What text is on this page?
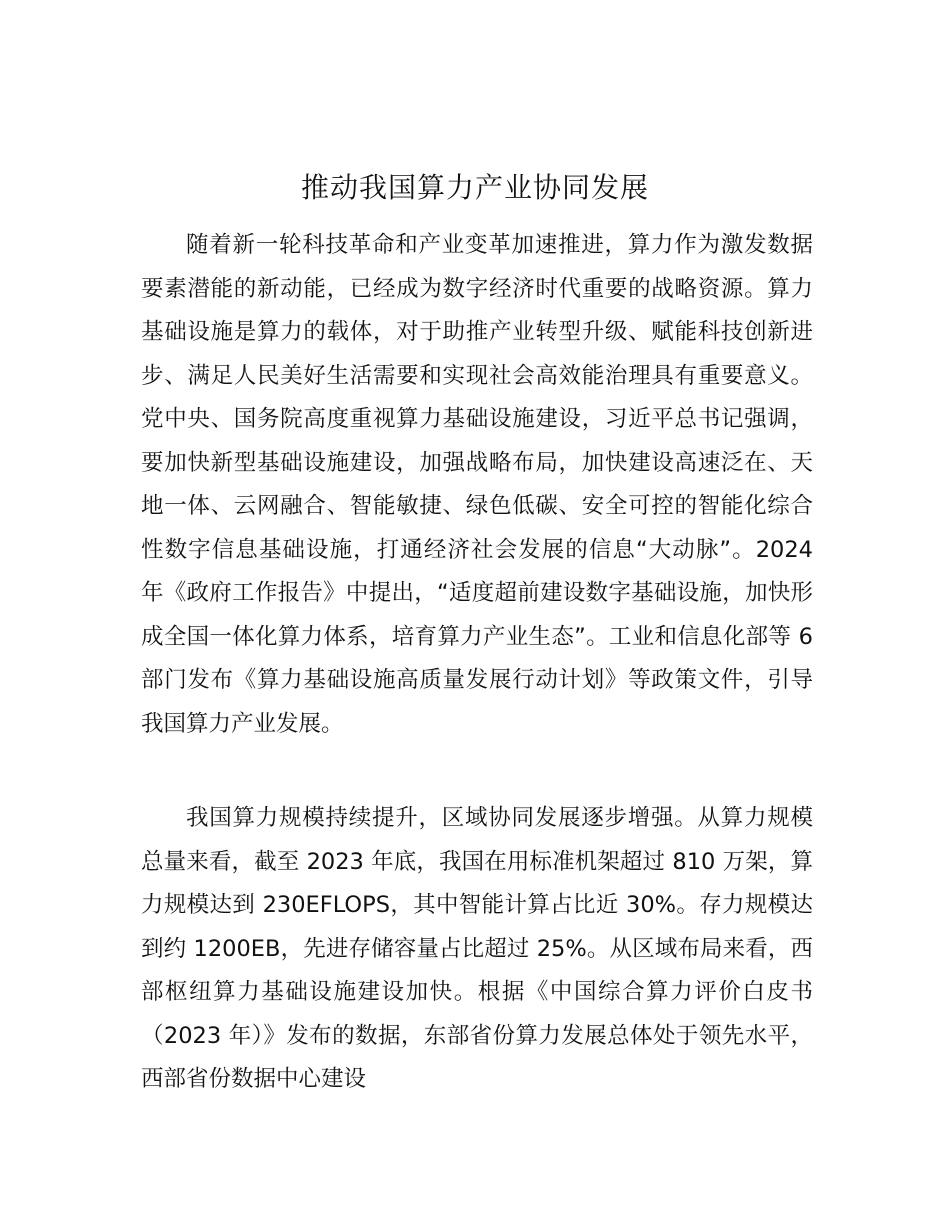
推动我国算力产业协同发展

随着新一轮科技革命和产业变革加速推进，算力作为激发数据要素潜能的新动能，已经成为数字经济时代重要的战略资源。算力基础设施是算力的载体，对于助推产业转型升级、赋能科技创新进步、满足人民美好生活需要和实现社会高效能治理具有重要意义。党中央、国务院高度重视算力基础设施建设，习近平总书记强调，要加快新型基础设施建设，加强战略布局，加快建设高速泛在、天地一体、云网融合、智能敏捷、绿色低碳、安全可控的智能化综合性数字信息基础设施，打通经济社会发展的信息“大动脉”。2024 年《政府工作报告》中提出，“适度超前建设数字基础设施，加快形成全国一体化算力体系，培育算力产业生态”。工业和信息化部等 6 部门发布《算力基础设施高质量发展行动计划》等政策文件，引导我国算力产业发展。

我国算力规模持续提升，区域协同发展逐步增强。从算力规模总量来看，截至 2023 年底，我国在用标准机架超过 810 万架，算力规模达到 230EFLOPS，其中智能计算占比近 30%。存力规模达到约 1200EB，先进存储容量占比超过 25%。从区域布局来看，西部枢纽算力基础设施建设加快。根据《中国综合算力评价白皮书（2023 年）》发布的数据，东部省份算力发展总体处于领先水平，西部省份数据中心建设
